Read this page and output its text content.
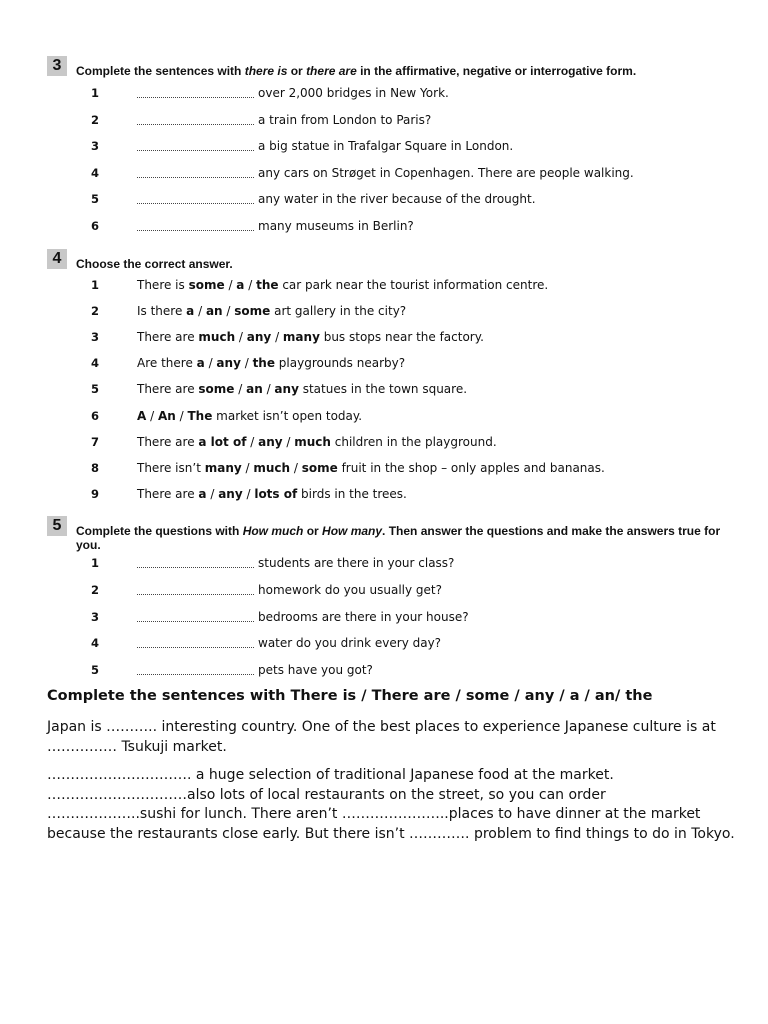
3	Complete the sentences with there is or there are in the affirmative, negative or interrogative form.
1	over 2,000 bridges in New York.
2	a train from London to Paris?
3	a big statue in Trafalgar Square in London.
4	any cars on Strøget in Copenhagen. There are people walking.
5	any water in the river because of the drought.
6	many museums in Berlin?
4	Choose the correct answer.
1	There is some / a / the car park near the tourist information centre.
2	Is there a / an / some art gallery in the city?
3	There are much / any / many bus stops near the factory.
4	Are there a / any / the playgrounds nearby?
5	There are some / an / any statues in the town square.
6	A / An / The market isn’t open today.
7	There are a lot of / any / much children in the playground.
8	There isn’t many / much / some fruit in the shop – only apples and bananas.
9	There are a / any / lots of birds in the trees.
5	Complete the questions with How much or How many. Then answer the questions and make the answers true for you.
1	students are there in your class?
2	homework do you usually get?
3	bedrooms are there in your house?
4	water do you drink every day?
5	pets have you got?
Complete the sentences with There is / There are / some / any / a / an/ the

Japan is ……….. interesting country. One of the best places to experience Japanese culture is at …………… Tsukuji market.

…………………………. a huge selection of traditional Japanese food at the market. …………………………also lots of local restaurants on the street, so you can order ………………..sushi for lunch. There aren’t …………………..places to have dinner at the market because the restaurants close early. But there isn’t …………. problem to find things to do in Tokyo.
